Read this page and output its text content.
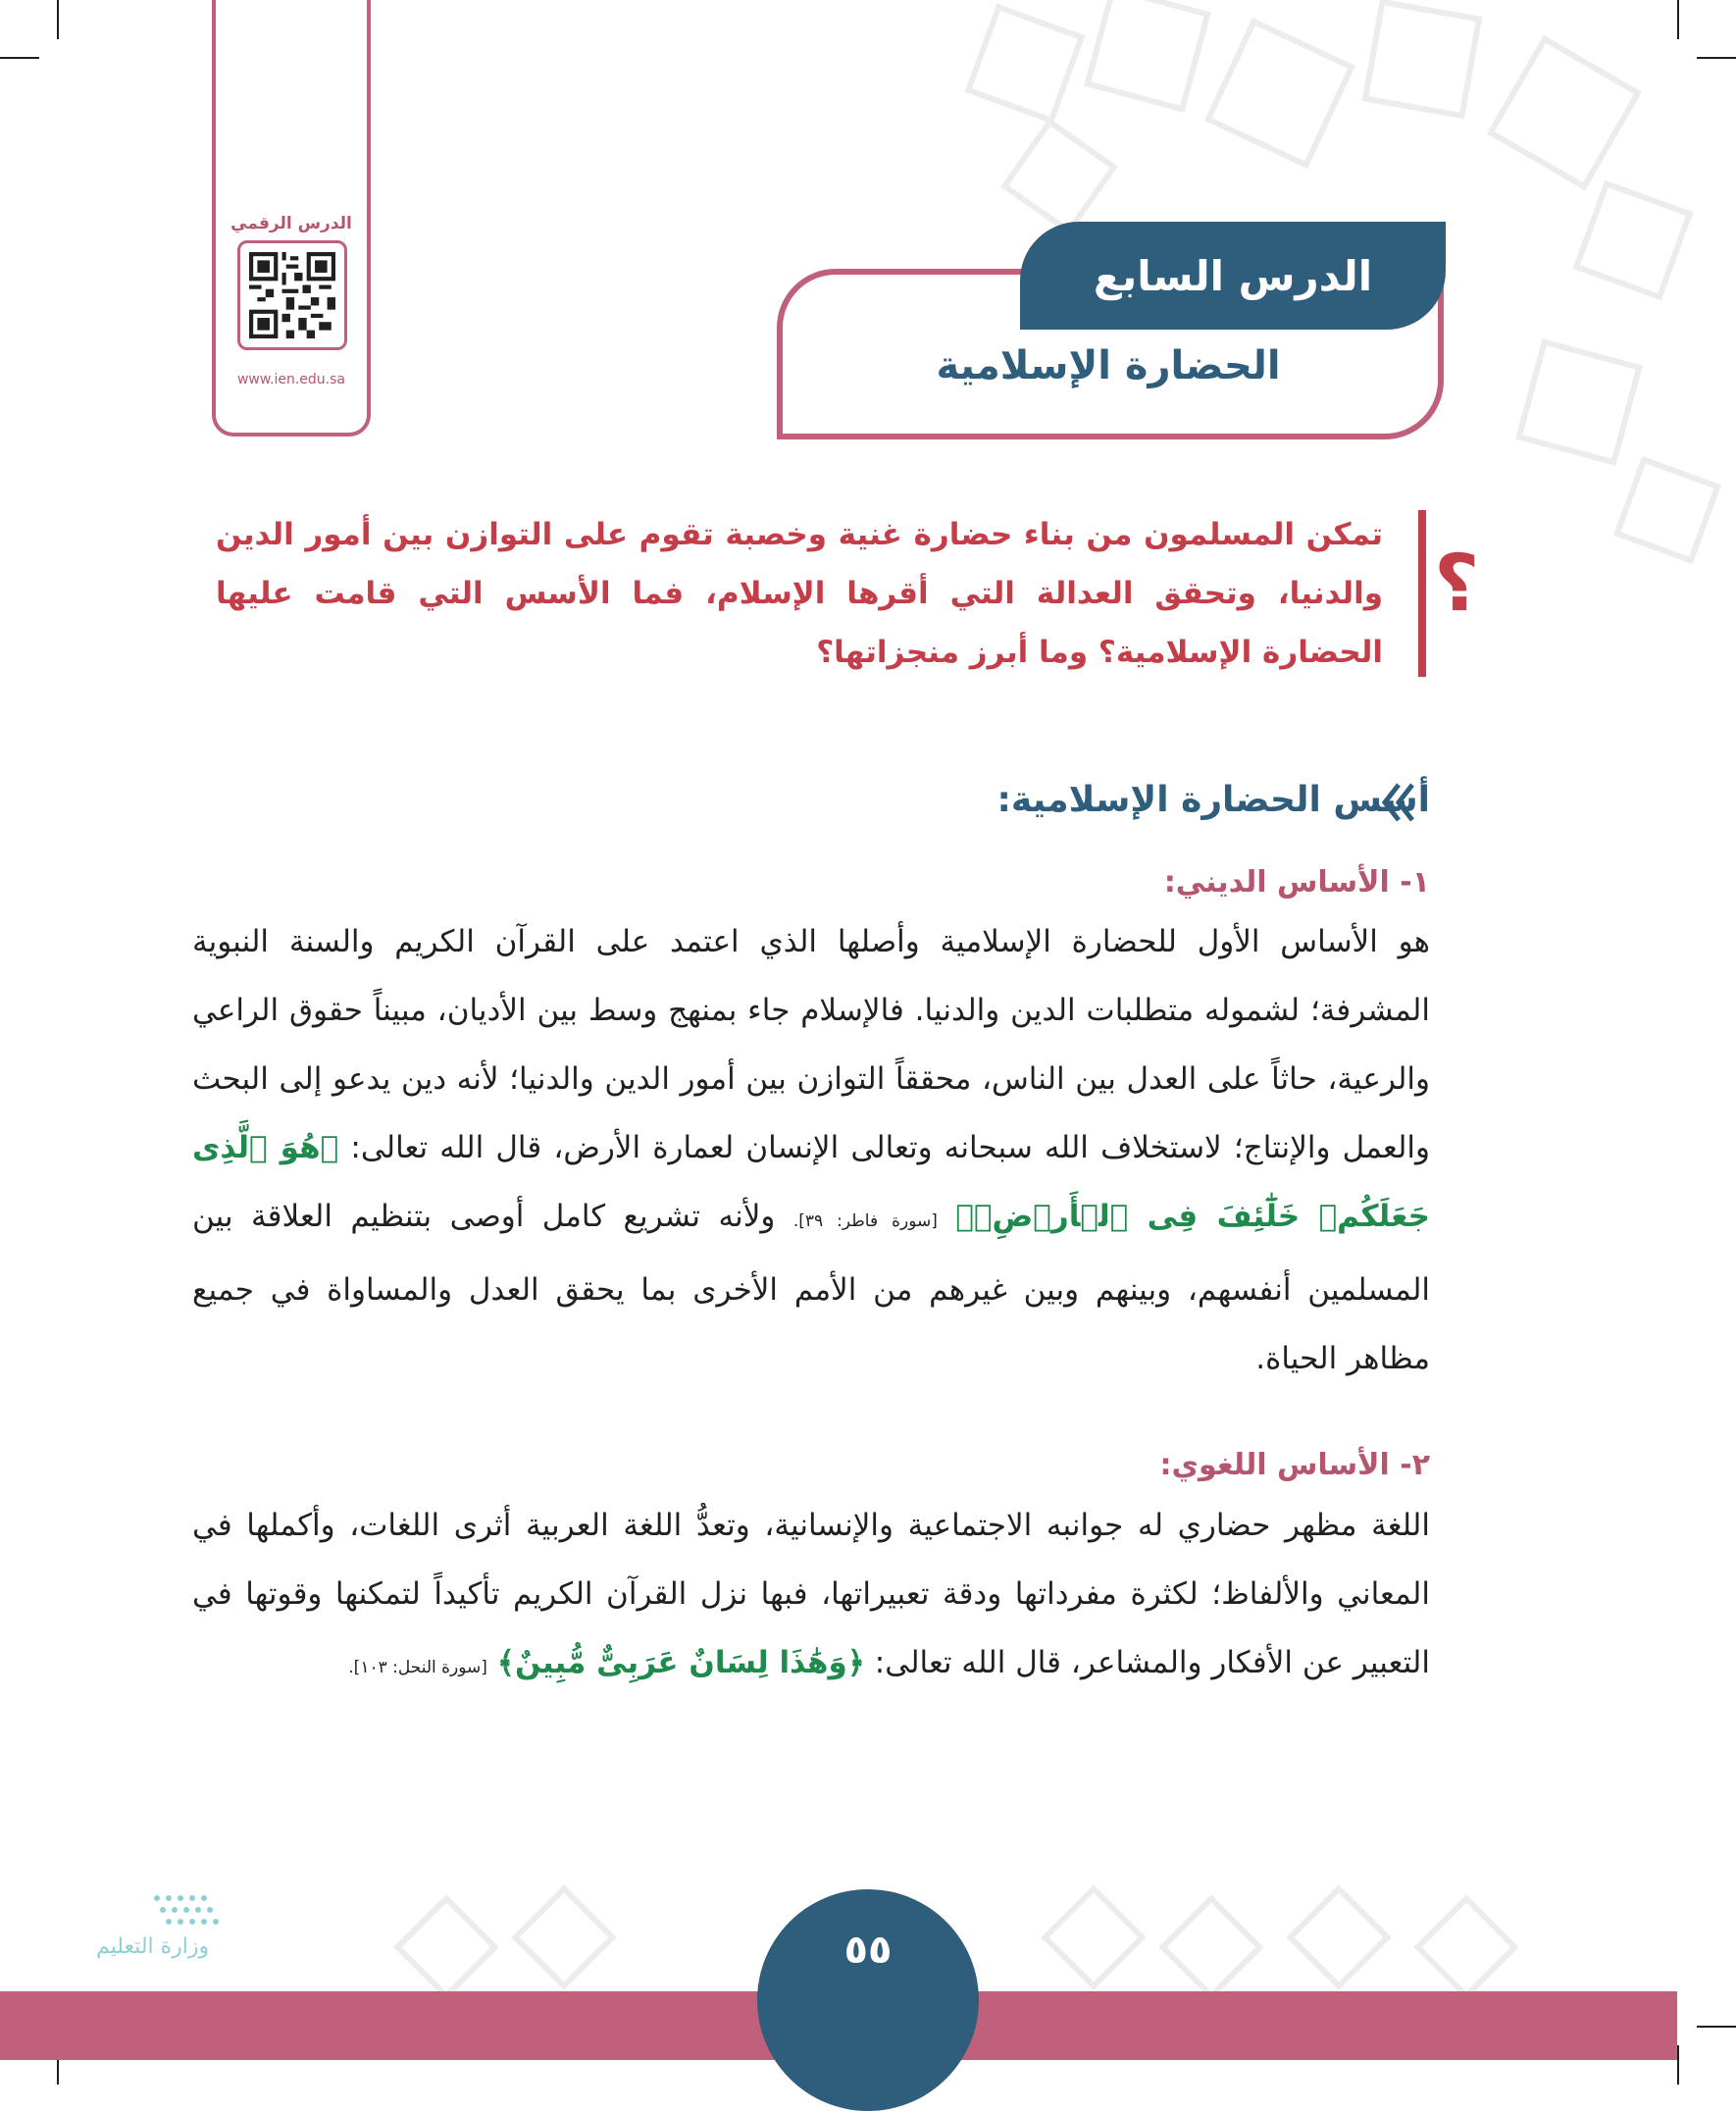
الدرس الرقمي
www.ien.edu.sa
الدرس السابع
الحضارة الإسلامية
؟
تمكن المسلمون من بناء حضارة غنية وخصبة تقوم على التوازن بين أمور الدين والدنيا، وتحقق العدالة التي أقرها الإسلام، فما الأسس التي قامت عليها الحضارة الإسلامية؟ وما أبرز منجزاتها؟
أسس الحضارة الإسلامية:
١- الأساس الديني:
هو الأساس الأول للحضارة الإسلامية وأصلها الذي اعتمد على القرآن الكريم والسنة النبوية المشرفة؛ لشموله متطلبات الدين والدنيا. فالإسلام جاء بمنهج وسط بين الأديان، مبيناً حقوق الراعي والرعية، حاثاً على العدل بين الناس، محققاً التوازن بين أمور الدين والدنيا؛ لأنه دين يدعو إلى البحث والعمل والإنتاج؛ لاستخلاف الله سبحانه وتعالى الإنسان لعمارة الأرض، قال الله تعالى: ﴿هُوَ ٱلَّذِى جَعَلَكُمۡ خَلَٰٓئِفَ فِى ٱلۡأَرۡضِۚ﴾ [سورة فاطر: ٣٩]. ولأنه تشريع كامل أوصى بتنظيم العلاقة بين المسلمين أنفسهم، وبينهم وبين غيرهم من الأمم الأخرى بما يحقق العدل والمساواة في جميع مظاهر الحياة.
٢- الأساس اللغوي:
اللغة مظهر حضاري له جوانبه الاجتماعية والإنسانية، وتعدُّ اللغة العربية أثرى اللغات، وأكملها في المعاني والألفاظ؛ لكثرة مفرداتها ودقة تعبيراتها، فبها نزل القرآن الكريم تأكيداً لتمكنها وقوتها في التعبير عن الأفكار والمشاعر، قال الله تعالى: ﴿وَهَٰذَا لِسَانٌ عَرَبِىٌّ مُّبِينٌ﴾ [سورة النحل: ١٠٣].
٥٥
وزارة التعليم
